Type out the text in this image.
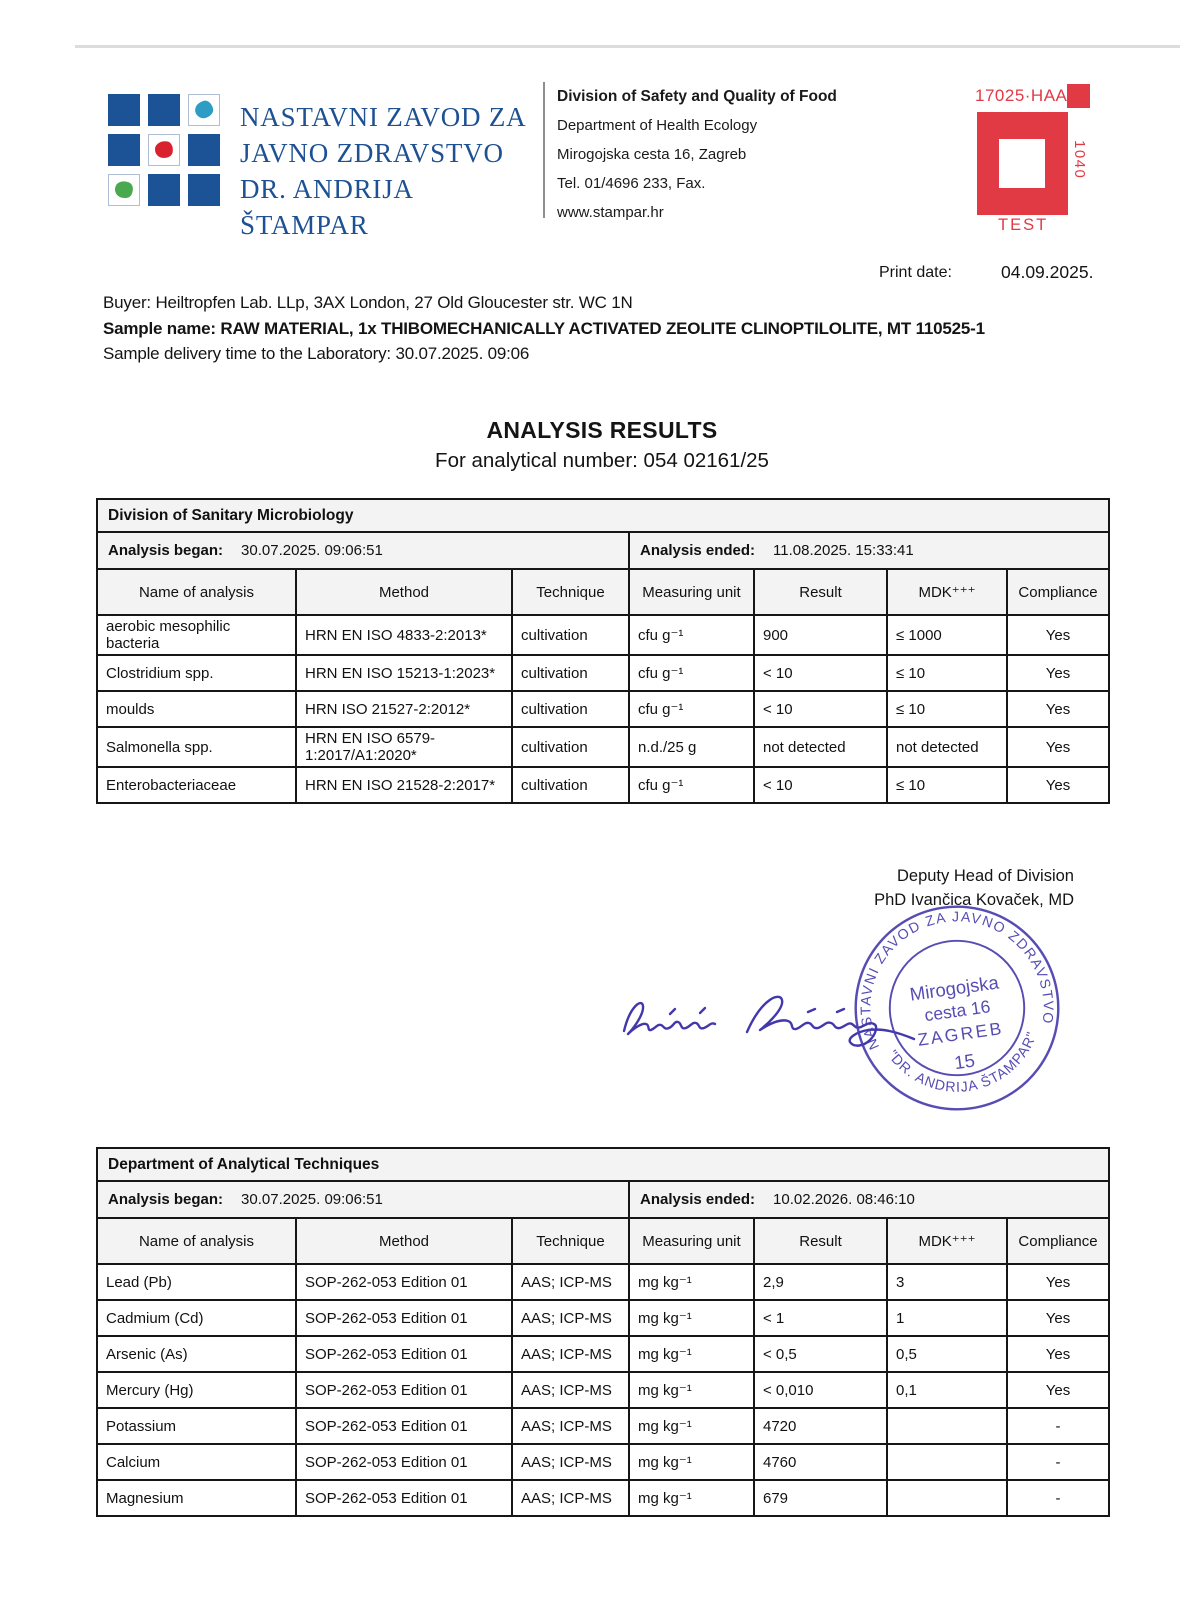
NASTAVNI ZAVOD ZA
JAVNO ZDRAVSTVO
DR. ANDRIJA ŠTAMPAR
Division of Safety and Quality of Food
Department of Health Ecology
Mirogojska cesta 16, Zagreb
Tel. 01/4696 233, Fax.
www.stampar.hr
17025·HAA
1040
TEST
Print date:	04.09.2025.
Buyer: Heiltropfen Lab. LLp, 3AX London, 27 Old Gloucester str. WC 1N
Sample name: RAW MATERIAL, 1x THIBOMECHANICALLY ACTIVATED ZEOLITE CLINOPTILOLITE, MT 110525-1
Sample delivery time to the Laboratory: 30.07.2025. 09:06
ANALYSIS RESULTS
For analytical number: 054 02161/25
Division of Sanitary Microbiology						
Analysis began: 30.07.2025. 09:06:51			Analysis ended: 11.08.2025. 15:33:41			
Name of analysis	Method	Technique	Measuring unit	Result	MDK⁺⁺⁺	Compliance
aerobic mesophilic bacteria	HRN EN ISO 4833-2:2013*	cultivation	cfu g⁻¹	900	≤ 1000	Yes
Clostridium spp.	HRN EN ISO 15213-1:2023*	cultivation	cfu g⁻¹	< 10	≤ 10	Yes
moulds	HRN ISO 21527-2:2012*	cultivation	cfu g⁻¹	< 10	≤ 10	Yes
Salmonella spp.	HRN EN ISO 6579-1:2017/A1:2020*	cultivation	n.d./25 g	not detected	not detected	Yes
Enterobacteriaceae	HRN EN ISO 21528-2:2017*	cultivation	cfu g⁻¹	< 10	≤ 10	Yes
Deputy Head of Division
PhD Ivančica Kovaček, MD
NASTAVNI ZAVOD ZA JAVNO ZDRAVSTVO
"DR. ANDRIJA ŠTAMPAR"
Mirogojska
cesta 16
ZAGREB
15
Department of Analytical Techniques						
Analysis began: 30.07.2025. 09:06:51			Analysis ended: 10.02.2026. 08:46:10			
Name of analysis	Method	Technique	Measuring unit	Result	MDK⁺⁺⁺	Compliance
Lead (Pb)	SOP-262-053 Edition 01	AAS; ICP-MS	mg kg⁻¹	2,9	3	Yes
Cadmium (Cd)	SOP-262-053 Edition 01	AAS; ICP-MS	mg kg⁻¹	< 1	1	Yes
Arsenic (As)	SOP-262-053 Edition 01	AAS; ICP-MS	mg kg⁻¹	< 0,5	0,5	Yes
Mercury (Hg)	SOP-262-053 Edition 01	AAS; ICP-MS	mg kg⁻¹	< 0,010	0,1	Yes
Potassium	SOP-262-053 Edition 01	AAS; ICP-MS	mg kg⁻¹	4720		-
Calcium	SOP-262-053 Edition 01	AAS; ICP-MS	mg kg⁻¹	4760		-
Magnesium	SOP-262-053 Edition 01	AAS; ICP-MS	mg kg⁻¹	679		-
